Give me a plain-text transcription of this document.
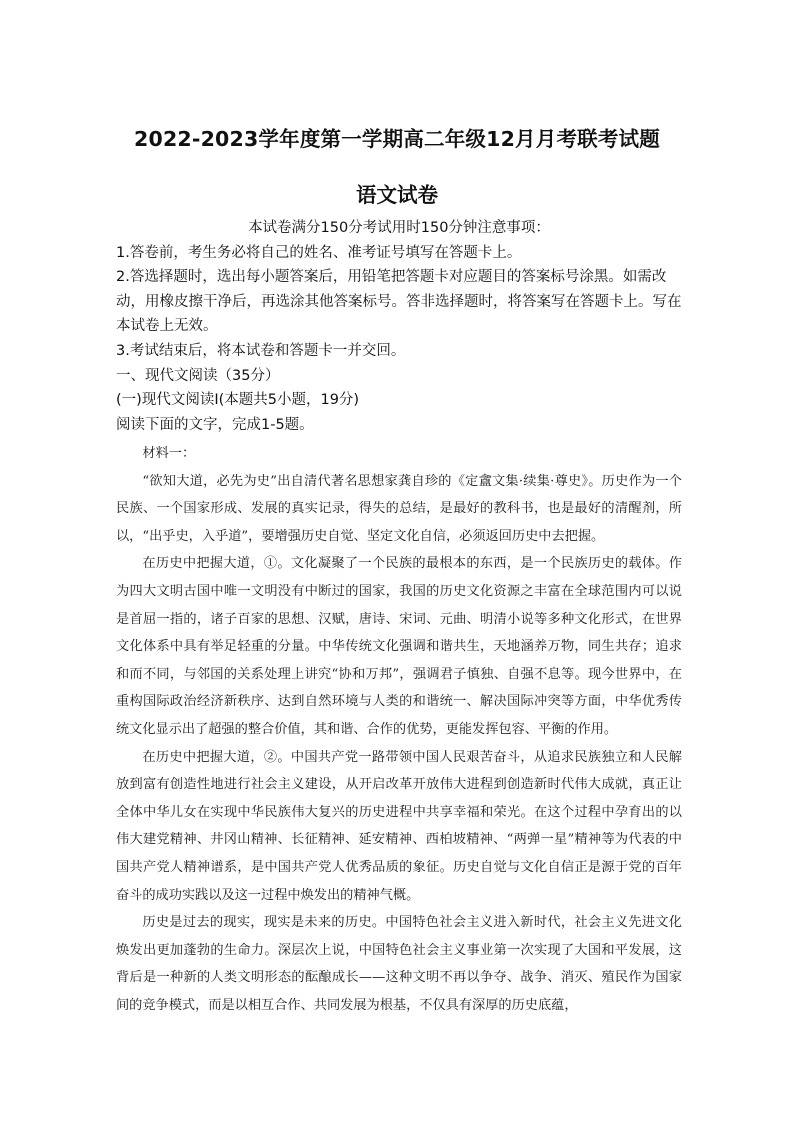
2022-2023学年度第一学期高二年级12月月考联考试题
语文试卷

本试卷满分150分考试用时150分钟注意事项：

1.答卷前，考生务必将自己的姓名、准考证号填写在答题卡上。

2.答选择题时，选出每小题答案后，用铅笔把答题卡对应题目的答案标号涂黑。如需改动，用橡皮擦干净后，再选涂其他答案标号。答非选择题时，将答案写在答题卡上。写在本试卷上无效。

3.考试结束后，将本试卷和答题卡一并交回。

一、现代文阅读（35分）

(一)现代文阅读Ⅰ(本题共5小题，19分)

阅读下面的文字，完成1-5题。

材料一：

“欲知大道，必先为史”出自清代著名思想家龚自珍的《定盦文集·续集·尊史》。历史作为一个民族、一个国家形成、发展的真实记录，得失的总结，是最好的教科书，也是最好的清醒剂，所以，“出乎史，入乎道”，要增强历史自觉、坚定文化自信，必须返回历史中去把握。

在历史中把握大道，①。文化凝聚了一个民族的最根本的东西，是一个民族历史的载体。作为四大文明古国中唯一文明没有中断过的国家，我国的历史文化资源之丰富在全球范围内可以说是首屈一指的，诸子百家的思想、汉赋，唐诗、宋词、元曲、明清小说等多种文化形式，在世界文化体系中具有举足轻重的分量。中华传统文化强调和谐共生，天地涵养万物，同生共存；追求和而不同，与邻国的关系处理上讲究“协和万邦”，强调君子慎独、自强不息等。现今世界中，在重构国际政治经济新秩序、达到自然环境与人类的和谐统一、解决国际冲突等方面，中华优秀传统文化显示出了超强的整合价值，其和谐、合作的优势，更能发挥包容、平衡的作用。

在历史中把握大道，②。中国共产党一路带领中国人民艰苦奋斗，从追求民族独立和人民解放到富有创造性地进行社会主义建设，从开启改革开放伟大进程到创造新时代伟大成就，真正让全体中华儿女在实现中华民族伟大复兴的历史进程中共享幸福和荣光。在这个过程中孕育出的以伟大建党精神、井冈山精神、长征精神、延安精神、西柏坡精神、“两弹一星”精神等为代表的中国共产党人精神谱系，是中国共产党人优秀品质的象征。历史自觉与文化自信正是源于党的百年奋斗的成功实践以及这一过程中焕发出的精神气概。

历史是过去的现实，现实是未来的历史。中国特色社会主义进入新时代，社会主义先进文化焕发出更加蓬勃的生命力。深层次上说，中国特色社会主义事业第一次实现了大国和平发展，这背后是一种新的人类文明形态的酝酿成长——这种文明不再以争夺、战争、消灭、殖民作为国家间的竞争模式，而是以相互合作、共同发展为根基，不仅具有深厚的历史底蕴，
